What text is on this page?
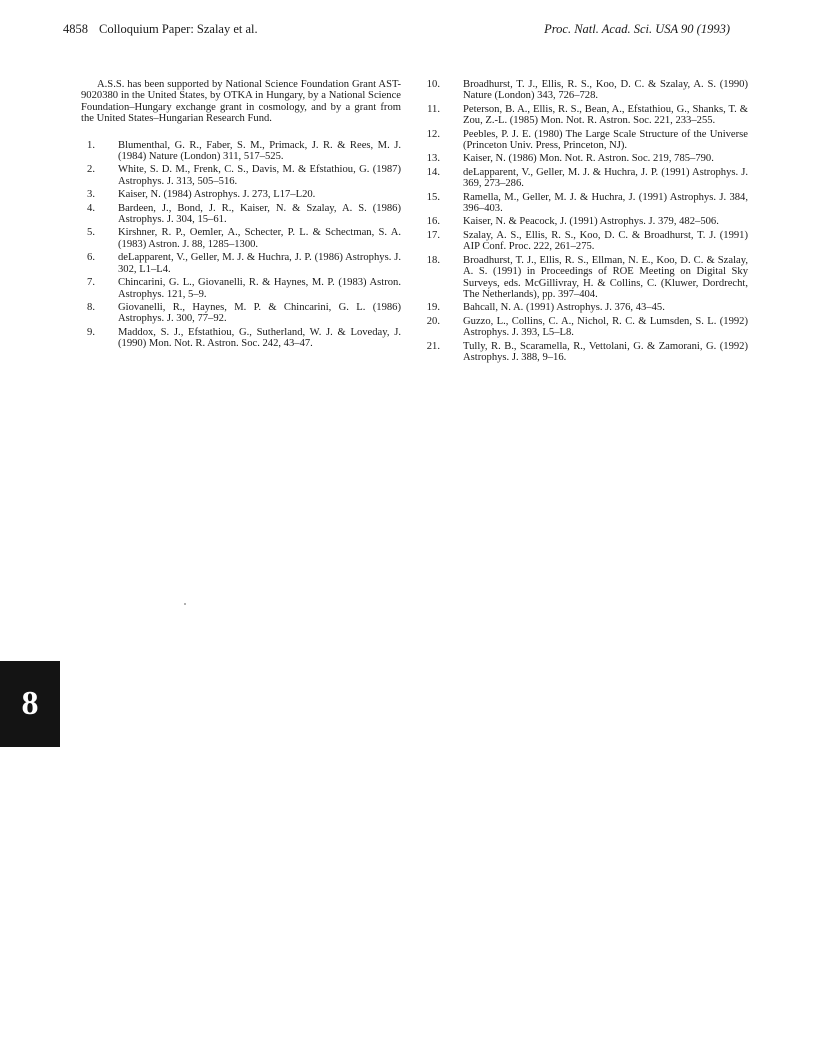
4858 Colloquium Paper: Szalay et al.	Proc. Natl. Acad. Sci. USA 90 (1993)

A.S.S. has been supported by National Science Foundation Grant AST-9020380 in the United States, by OTKA in Hungary, by a National Science Foundation–Hungary exchange grant in cosmology, and by a grant from the United States–Hungarian Research Fund.

1. Blumenthal, G. R., Faber, S. M., Primack, J. R. & Rees, M. J. (1984) Nature (London) 311, 517–525.
2. White, S. D. M., Frenk, C. S., Davis, M. & Efstathiou, G. (1987) Astrophys. J. 313, 505–516.
3. Kaiser, N. (1984) Astrophys. J. 273, L17–L20.
4. Bardeen, J., Bond, J. R., Kaiser, N. & Szalay, A. S. (1986) Astrophys. J. 304, 15–61.
5. Kirshner, R. P., Oemler, A., Schecter, P. L. & Schectman, S. A. (1983) Astron. J. 88, 1285–1300.
6. deLapparent, V., Geller, M. J. & Huchra, J. P. (1986) Astrophys. J. 302, L1–L4.
7. Chincarini, G. L., Giovanelli, R. & Haynes, M. P. (1983) Astron. Astrophys. 121, 5–9.
8. Giovanelli, R., Haynes, M. P. & Chincarini, G. L. (1986) Astrophys. J. 300, 77–92.
9. Maddox, S. J., Efstathiou, G., Sutherland, W. J. & Loveday, J. (1990) Mon. Not. R. Astron. Soc. 242, 43–47.
10. Broadhurst, T. J., Ellis, R. S., Koo, D. C. & Szalay, A. S. (1990) Nature (London) 343, 726–728.
11. Peterson, B. A., Ellis, R. S., Bean, A., Efstathiou, G., Shanks, T. & Zou, Z.-L. (1985) Mon. Not. R. Astron. Soc. 221, 233–255.
12. Peebles, P. J. E. (1980) The Large Scale Structure of the Universe (Princeton Univ. Press, Princeton, NJ).
13. Kaiser, N. (1986) Mon. Not. R. Astron. Soc. 219, 785–790.
14. deLapparent, V., Geller, M. J. & Huchra, J. P. (1991) Astrophys. J. 369, 273–286.
15. Ramella, M., Geller, M. J. & Huchra, J. (1991) Astrophys. J. 384, 396–403.
16. Kaiser, N. & Peacock, J. (1991) Astrophys. J. 379, 482–506.
17. Szalay, A. S., Ellis, R. S., Koo, D. C. & Broadhurst, T. J. (1991) AIP Conf. Proc. 222, 261–275.
18. Broadhurst, T. J., Ellis, R. S., Ellman, N. E., Koo, D. C. & Szalay, A. S. (1991) in Proceedings of ROE Meeting on Digital Sky Surveys, eds. McGillivray, H. & Collins, C. (Kluwer, Dordrecht, The Netherlands), pp. 397–404.
19. Bahcall, N. A. (1991) Astrophys. J. 376, 43–45.
20. Guzzo, L., Collins, C. A., Nichol, R. C. & Lumsden, S. L. (1992) Astrophys. J. 393, L5–L8.
21. Tully, R. B., Scaramella, R., Vettolani, G. & Zamorani, G. (1992) Astrophys. J. 388, 9–16.
8
